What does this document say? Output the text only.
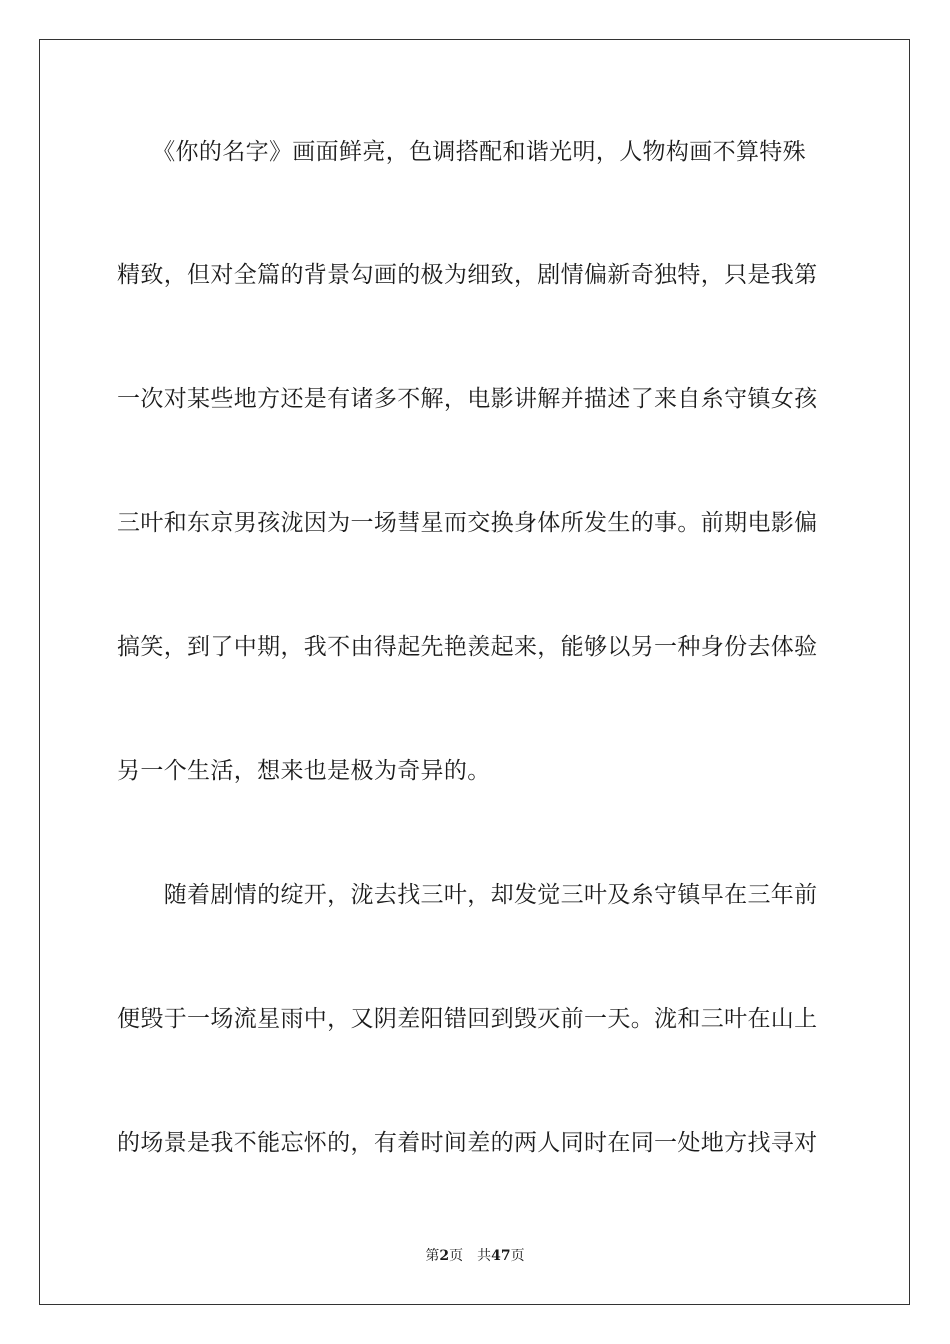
　　《你的名字》画面鲜亮，色调搭配和谐光明，人物构画不算特殊
精致，但对全篇的背景勾画的极为细致，剧情偏新奇独特，只是我第
一次对某些地方还是有诸多不解，电影讲解并描述了来自糸守镇女孩
三叶和东京男孩泷因为一场彗星而交换身体所发生的事。前期电影偏
搞笑，到了中期，我不由得起先艳羡起来，能够以另一种身份去体验
另一个生活，想来也是极为奇异的。
　　随着剧情的绽开，泷去找三叶，却发觉三叶及糸守镇早在三年前
便毁于一场流星雨中，又阴差阳错回到毁灭前一天。泷和三叶在山上
的场景是我不能忘怀的，有着时间差的两人同时在同一处地方找寻对
第2页 共47页
